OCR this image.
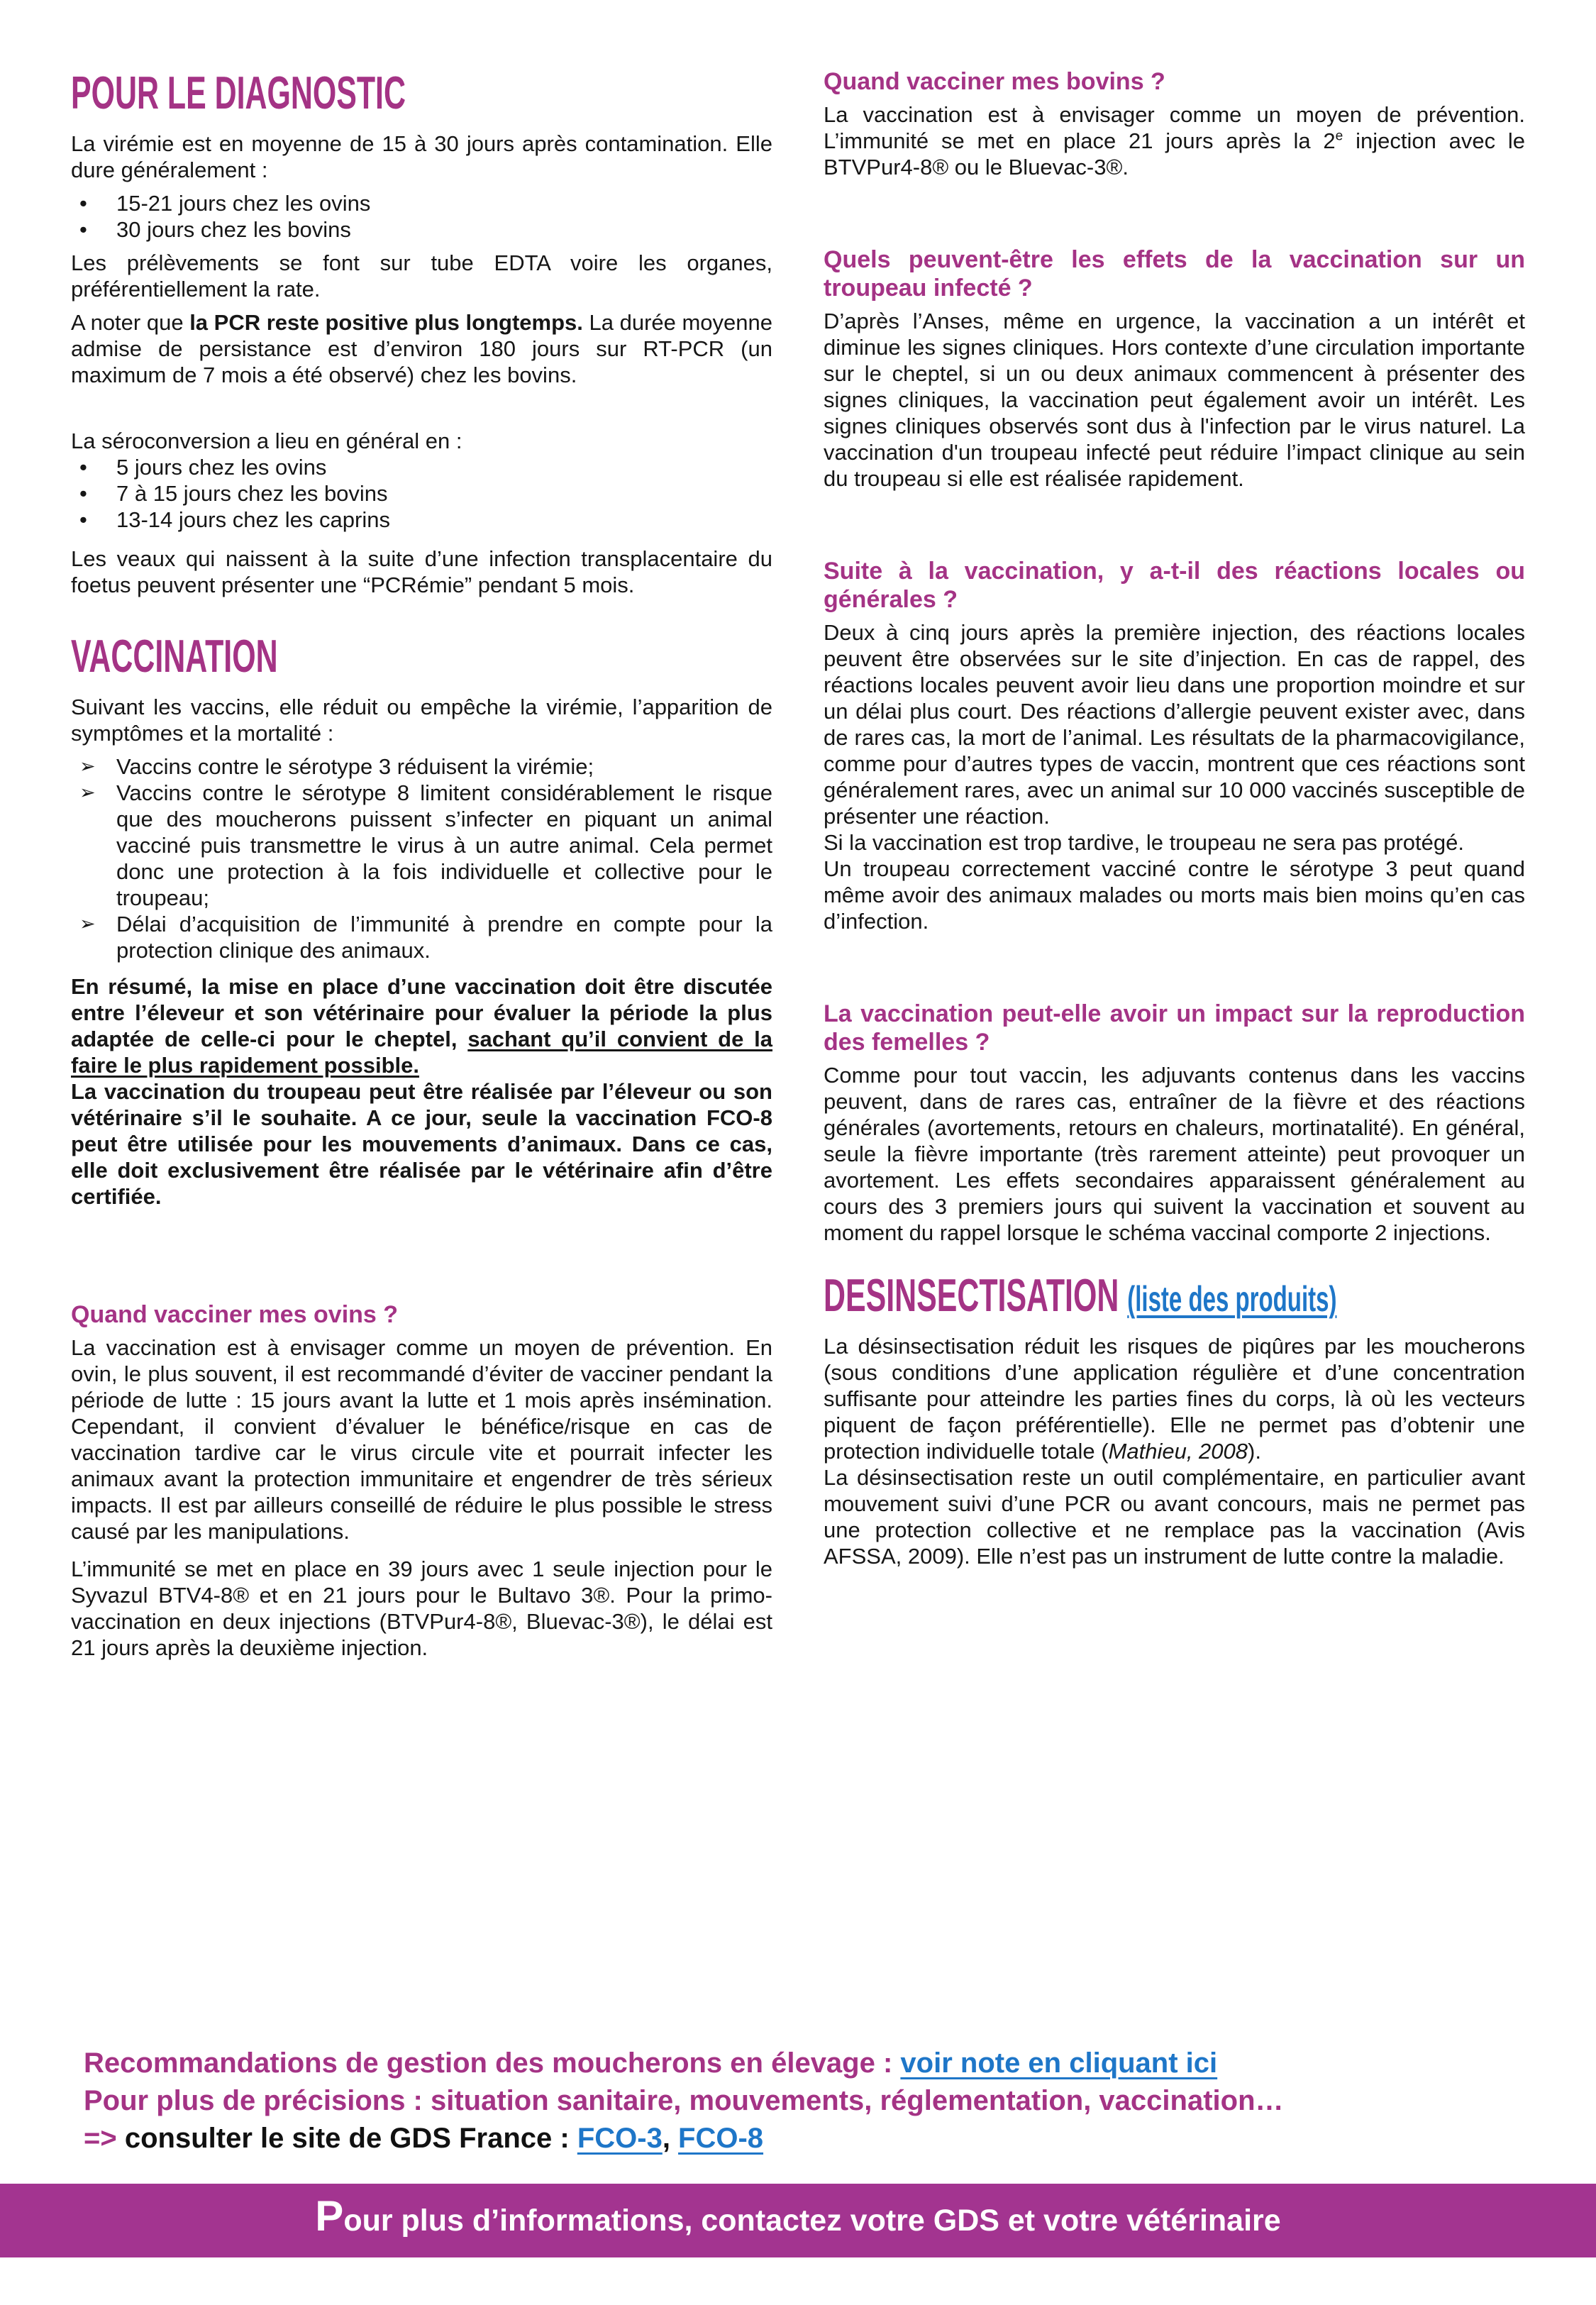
POUR LE DIAGNOSTIC

La virémie est en moyenne de 15 à 30 jours après contamination. Elle dure généralement :

•	15-21 jours chez les ovins
•	30 jours chez les bovins

Les prélèvements se font sur tube EDTA voire les organes, préférentiellement la rate.

A noter que la PCR reste positive plus longtemps. La durée moyenne admise de persistance est d’environ 180 jours sur RT-PCR (un maximum de 7 mois a été observé) chez les bovins.

La séroconversion a lieu en général en :

•	5 jours chez les ovins
•	7 à 15 jours chez les bovins
•	13-14 jours chez les caprins

Les veaux qui naissent à la suite d’une infection transplacentaire du foetus peuvent présenter une “PCRémie” pendant 5 mois.

VACCINATION

Suivant les vaccins, elle réduit ou empêche la virémie, l’apparition de symptômes et la mortalité :

➢ Vaccins contre le sérotype 3 réduisent la virémie;
➢ Vaccins contre le sérotype 8 limitent considérablement le risque que des moucherons puissent s’infecter en piquant un animal vacciné puis transmettre le virus à un autre animal. Cela permet donc une protection à la fois individuelle et collective pour le troupeau;
➢ Délai d’acquisition de l’immunité à prendre en compte pour la protection clinique des animaux.

En résumé, la mise en place d’une vaccination doit être discutée entre l’éleveur et son vétérinaire pour évaluer la période la plus adaptée de celle-ci pour le cheptel, sachant qu’il convient de la faire le plus rapidement possible.

La vaccination du troupeau peut être réalisée par l’éleveur ou son vétérinaire s’il le souhaite. A ce jour, seule la vaccination FCO-8 peut être utilisée pour les mouvements d’animaux. Dans ce cas, elle doit exclusivement être réalisée par le vétérinaire afin d’être certifiée.

Quand vacciner mes ovins ?

La vaccination est à envisager comme un moyen de prévention. En ovin, le plus souvent, il est recommandé d’éviter de vacciner pendant la période de lutte : 15 jours avant la lutte et 1 mois après insémination. Cependant, il convient d’évaluer le bénéfice/risque en cas de vaccination tardive car le virus circule vite et pourrait infecter les animaux avant la protection immunitaire et engendrer de très sérieux impacts. Il est par ailleurs conseillé de réduire le plus possible le stress causé par les manipulations.

L’immunité se met en place en 39 jours avec 1 seule injection pour le Syvazul BTV4-8® et en 21 jours pour le Bultavo 3®. Pour la primo-vaccination en deux injections (BTVPur4-8®, Bluevac-3®), le délai est 21 jours après la deuxième injection.

Quand vacciner mes bovins ?

La vaccination est à envisager comme un moyen de prévention. L’immunité se met en place 21 jours après la 2e injection avec le BTVPur4-8® ou le Bluevac-3®.

Quels peuvent-être les effets de la vaccination sur un troupeau infecté ?

D’après l’Anses, même en urgence, la vaccination a un intérêt et diminue les signes cliniques. Hors contexte d’une circulation importante sur le cheptel, si un ou deux animaux commencent à présenter des signes cliniques, la vaccination peut également avoir un intérêt. Les signes cliniques observés sont dus à l'infection par le virus naturel. La vaccination d'un troupeau infecté peut réduire l’impact clinique au sein du troupeau si elle est réalisée rapidement.

Suite à la vaccination, y a-t-il des réactions locales ou générales ?

Deux à cinq jours après la première injection, des réactions locales peuvent être observées sur le site d’injection. En cas de rappel, des réactions locales peuvent avoir lieu dans une proportion moindre et sur un délai plus court. Des réactions d’allergie peuvent exister avec, dans de rares cas, la mort de l’animal. Les résultats de la pharmacovigilance, comme pour d’autres types de vaccin, montrent que ces réactions sont généralement rares, avec un animal sur 10 000 vaccinés susceptible de présenter une réaction.

Si la vaccination est trop tardive, le troupeau ne sera pas protégé.

Un troupeau correctement vacciné contre le sérotype 3 peut quand même avoir des animaux malades ou morts mais bien moins qu’en cas d’infection.

La vaccination peut-elle avoir un impact sur la reproduction des femelles ?

Comme pour tout vaccin, les adjuvants contenus dans les vaccins peuvent, dans de rares cas, entraîner de la fièvre et des réactions générales (avortements, retours en chaleurs, mortinatalité). En général, seule la fièvre importante (très rarement atteinte) peut provoquer un avortement. Les effets secondaires apparaissent généralement au cours des 3 premiers jours qui suivent la vaccination et souvent au moment du rappel lorsque le schéma vaccinal comporte 2 injections.

DESINSECTISATION (liste des produits)

La désinsectisation réduit les risques de piqûres par les moucherons (sous conditions d’une application régulière et d’une concentration suffisante pour atteindre les parties fines du corps, là où les vecteurs piquent de façon préférentielle). Elle ne permet pas d’obtenir une protection individuelle totale (Mathieu, 2008).

La désinsectisation reste un outil complémentaire, en particulier avant mouvement suivi d’une PCR ou avant concours, mais ne permet pas une protection collective et ne remplace pas la vaccination (Avis AFSSA, 2009). Elle n’est pas un instrument de lutte contre la maladie.

Recommandations de gestion des moucherons en élevage : voir note en cliquant ici
Pour plus de précisions : situation sanitaire, mouvements, réglementation, vaccination…
=> consulter le site de GDS France : FCO-3, FCO-8
Pour plus d’informations, contactez votre GDS et votre vétérinaire
